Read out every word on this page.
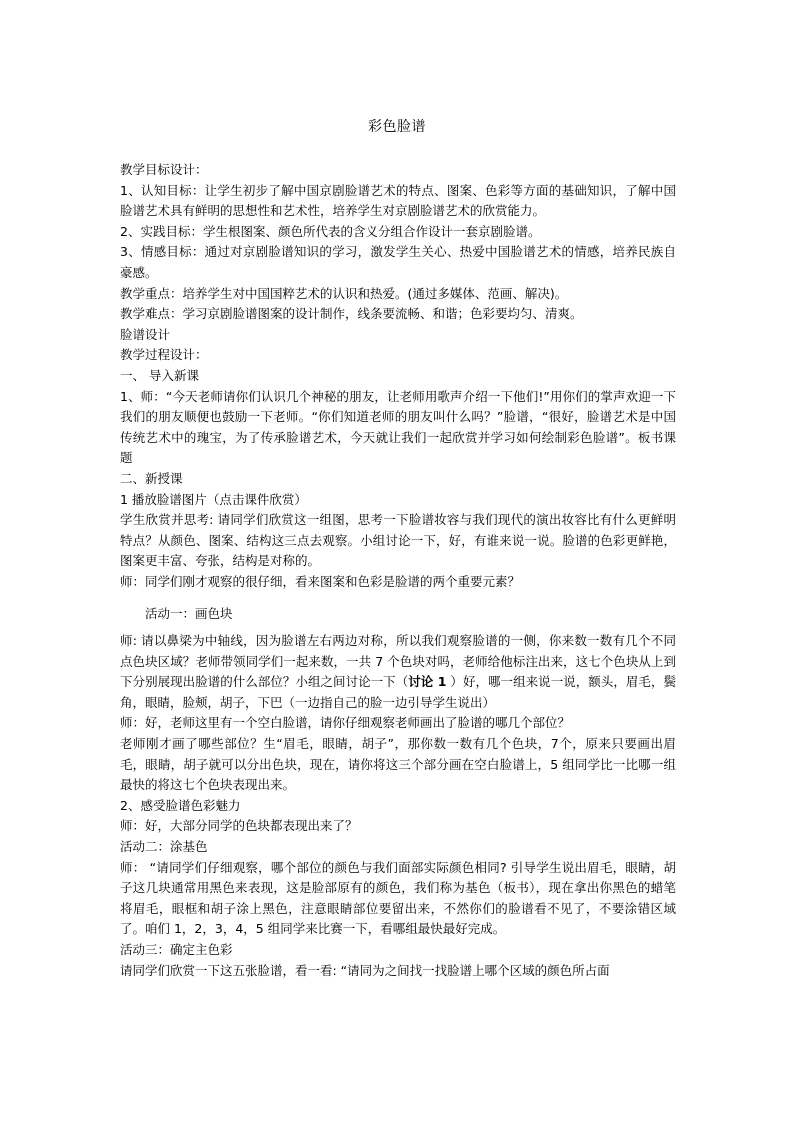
彩色脸谱

教学目标设计：

1、认知目标：让学生初步了解中国京剧脸谱艺术的特点、图案、色彩等方面的基础知识，了解中国脸谱艺术具有鲜明的思想性和艺术性，培养学生对京剧脸谱艺术的欣赏能力。

2、实践目标：学生根图案、颜色所代表的含义分组合作设计一套京剧脸谱。

3、情感目标：通过对京剧脸谱知识的学习，激发学生关心、热爱中国脸谱艺术的情感，培养民族自豪感。

教学重点：培养学生对中国国粹艺术的认识和热爱。(通过多媒体、范画、解决)。

教学难点：学习京剧脸谱图案的设计制作，线条要流畅、和谐；色彩要均匀、清爽。

脸谱设计

教学过程设计：

一、 导入新课

1、师：“今天老师请你们认识几个神秘的朋友，让老师用歌声介绍一下他们!”用你们的掌声欢迎一下我们的朋友顺便也鼓励一下老师。“你们知道老师的朋友叫什么吗？”脸谱，“很好，脸谱艺术是中国传统艺术中的瑰宝，为了传承脸谱艺术，今天就让我们一起欣赏并学习如何绘制彩色脸谱”。板书课题

二、新授课

1 播放脸谱图片（点击课件欣赏）

学生欣赏并思考: 请同学们欣赏这一组图，思考一下脸谱妆容与我们现代的演出妆容比有什么更鲜明特点？从颜色、图案、结构这三点去观察。小组讨论一下，好，有谁来说一说。脸谱的色彩更鲜艳，图案更丰富、夸张，结构是对称的。

师：同学们刚才观察的很仔细，看来图案和色彩是脸谱的两个重要元素？

活动一：画色块

师: 请以鼻梁为中轴线，因为脸谱左右两边对称，所以我们观察脸谱的一侧，你来数一数有几个不同点色块区域？老师带领同学们一起来数，一共 7 个色块对吗，老师给他标注出来，这七个色块从上到下分别展现出脸谱的什么部位？小组之间讨论一下（讨论 1 ）好，哪一组来说一说，额头，眉毛，鬓角，眼睛，脸颊，胡子，下巴（一边指自己的脸一边引导学生说出）

师：好，老师这里有一个空白脸谱，请你仔细观察老师画出了脸谱的哪几个部位？

老师刚才画了哪些部位？生“眉毛，眼睛，胡子”，那你数一数有几个色块，7个，原来只要画出眉毛，眼睛，胡子就可以分出色块，现在，请你将这三个部分画在空白脸谱上，5 组同学比一比哪一组最快的将这七个色块表现出来。

2、感受脸谱色彩魅力

师：好，大部分同学的色块都表现出来了？

活动二：涂基色

师： “请同学们仔细观察，哪个部位的颜色与我们面部实际颜色相同? 引导学生说出眉毛，眼睛，胡子这几块通常用黑色来表现，这是脸部原有的颜色，我们称为基色（板书），现在拿出你黑色的蜡笔将眉毛，眼框和胡子涂上黑色，注意眼睛部位要留出来，不然你们的脸谱看不见了，不要涂错区域了。咱们 1，2，3，4，5 组同学来比赛一下，看哪组最快最好完成。

活动三：确定主色彩

请同学们欣赏一下这五张脸谱，看一看: “请同为之间找一找脸谱上哪个区域的颜色所占面
